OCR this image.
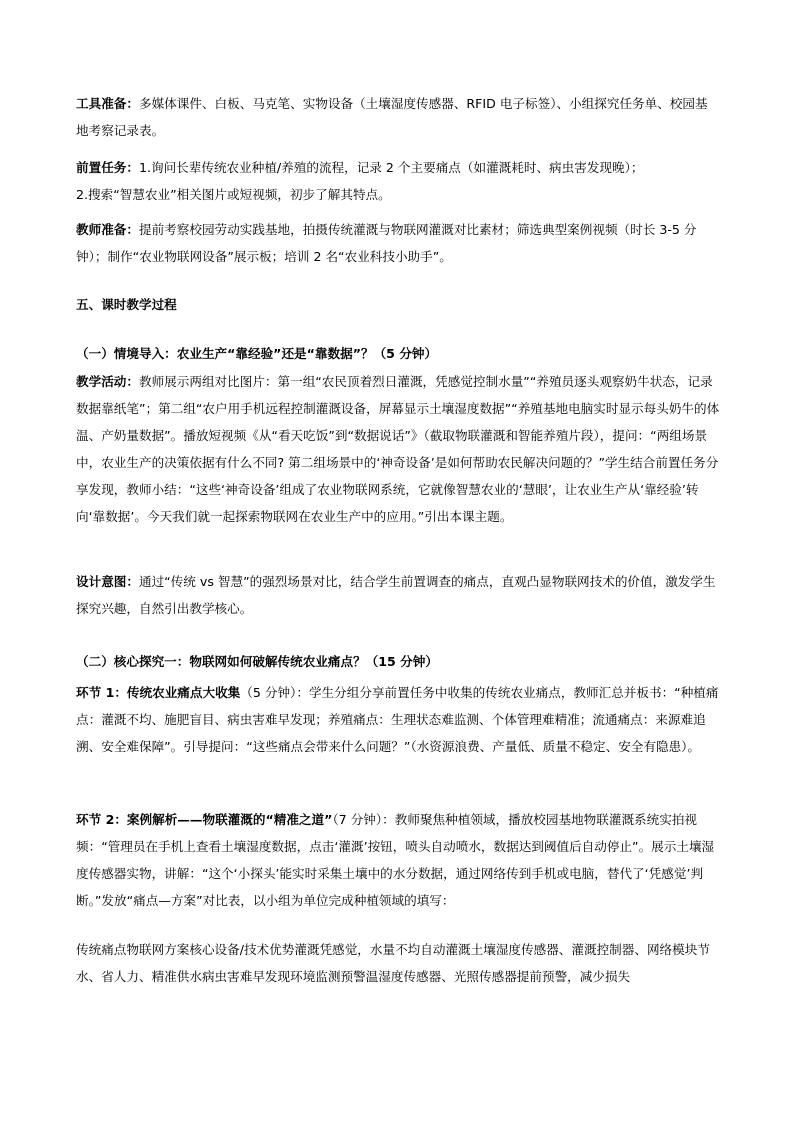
工具准备：多媒体课件、白板、马克笔、实物设备（土壤湿度传感器、RFID 电子标签）、小组探究任务单、校园基地考察记录表。
前置任务：1.询问长辈传统农业种植/养殖的流程，记录 2 个主要痛点（如灌溉耗时、病虫害发现晚）；
2.搜索“智慧农业”相关图片或短视频，初步了解其特点。
教师准备：提前考察校园劳动实践基地，拍摄传统灌溉与物联网灌溉对比素材；筛选典型案例视频（时长 3-5 分钟）；制作“农业物联网设备”展示板；培训 2 名“农业科技小助手”。
五、课时教学过程
（一）情境导入：农业生产“靠经验”还是“靠数据”？（5 分钟）
教学活动：教师展示两组对比图片：第一组“农民顶着烈日灌溉，凭感觉控制水量”“养殖员逐头观察奶牛状态，记录数据靠纸笔”；第二组“农户用手机远程控制灌溉设备，屏幕显示土壤湿度数据”“养殖基地电脑实时显示每头奶牛的体温、产奶量数据”。播放短视频《从“看天吃饭”到“数据说话”》（截取物联灌溉和智能养殖片段），提问：“两组场景中，农业生产的决策依据有什么不同? 第二组场景中的‘神奇设备’是如何帮助农民解决问题的？”学生结合前置任务分享发现，教师小结：“这些‘神奇设备’组成了农业物联网系统，它就像智慧农业的‘慧眼’，让农业生产从‘靠经验’转向‘靠数据’。今天我们就一起探索物联网在农业生产中的应用。”引出本课主题。
设计意图：通过“传统 vs 智慧”的强烈场景对比，结合学生前置调查的痛点，直观凸显物联网技术的价值，激发学生探究兴趣，自然引出教学核心。
（二）核心探究一：物联网如何破解传统农业痛点？（15 分钟）
环节 1：传统农业痛点大收集（5 分钟）：学生分组分享前置任务中收集的传统农业痛点，教师汇总并板书：“种植痛点：灌溉不均、施肥盲目、病虫害难早发现；养殖痛点：生理状态难监测、个体管理难精准；流通痛点：来源难追溯、安全难保障”。引导提问：“这些痛点会带来什么问题？”（水资源浪费、产量低、质量不稳定、安全有隐患）。
环节 2：案例解析——物联灌溉的“精准之道”（7 分钟）：教师聚焦种植领域，播放校园基地物联灌溉系统实拍视频：“管理员在手机上查看土壤湿度数据，点击‘灌溉’按钮，喷头自动喷水，数据达到阈值后自动停止”。展示土壤湿度传感器实物，讲解：“这个‘小探头’能实时采集土壤中的水分数据，通过网络传到手机或电脑，替代了‘凭感觉’判断。”发放“痛点—方案”对比表，以小组为单位完成种植领域的填写：
传统痛点物联网方案核心设备/技术优势灌溉凭感觉，水量不均自动灌溉土壤湿度传感器、灌溉控制器、网络模块节水、省人力、精准供水病虫害难早发现环境监测预警温湿度传感器、光照传感器提前预警，减少损失
